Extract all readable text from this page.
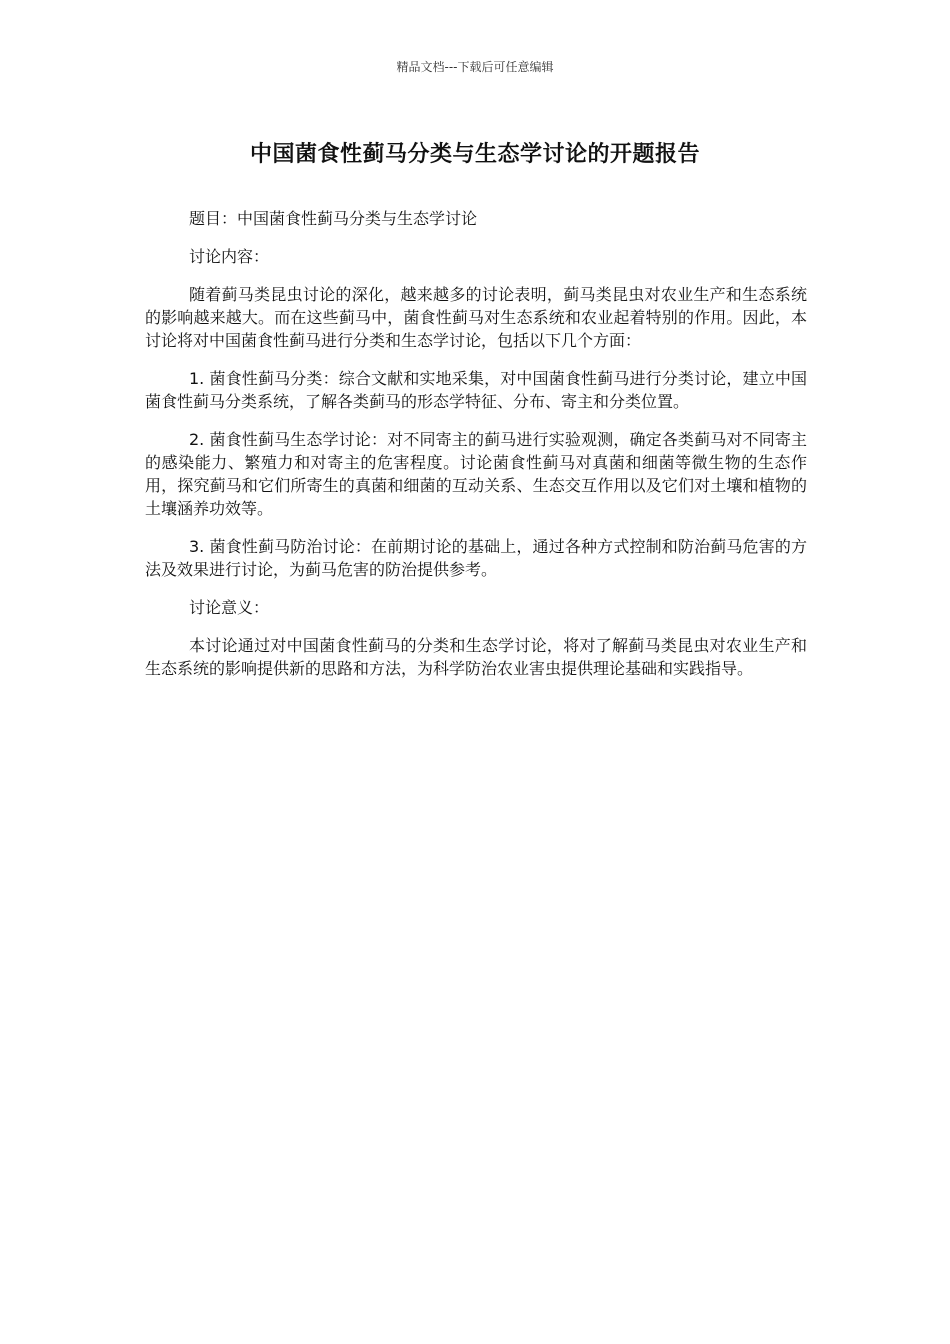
精品文档---下载后可任意编辑
中国菌食性蓟马分类与生态学讨论的开题报告

题目：中国菌食性蓟马分类与生态学讨论

讨论内容：

随着蓟马类昆虫讨论的深化，越来越多的讨论表明，蓟马类昆虫对农业生产和生态系统的影响越来越大。而在这些蓟马中，菌食性蓟马对生态系统和农业起着特别的作用。因此，本讨论将对中国菌食性蓟马进行分类和生态学讨论，包括以下几个方面：

1. 菌食性蓟马分类：综合文献和实地采集，对中国菌食性蓟马进行分类讨论，建立中国菌食性蓟马分类系统，了解各类蓟马的形态学特征、分布、寄主和分类位置。

2. 菌食性蓟马生态学讨论：对不同寄主的蓟马进行实验观测，确定各类蓟马对不同寄主的感染能力、繁殖力和对寄主的危害程度。讨论菌食性蓟马对真菌和细菌等微生物的生态作用，探究蓟马和它们所寄生的真菌和细菌的互动关系、生态交互作用以及它们对土壤和植物的土壤涵养功效等。

3. 菌食性蓟马防治讨论：在前期讨论的基础上，通过各种方式控制和防治蓟马危害的方法及效果进行讨论，为蓟马危害的防治提供参考。

讨论意义：

本讨论通过对中国菌食性蓟马的分类和生态学讨论，将对了解蓟马类昆虫对农业生产和生态系统的影响提供新的思路和方法，为科学防治农业害虫提供理论基础和实践指导。
